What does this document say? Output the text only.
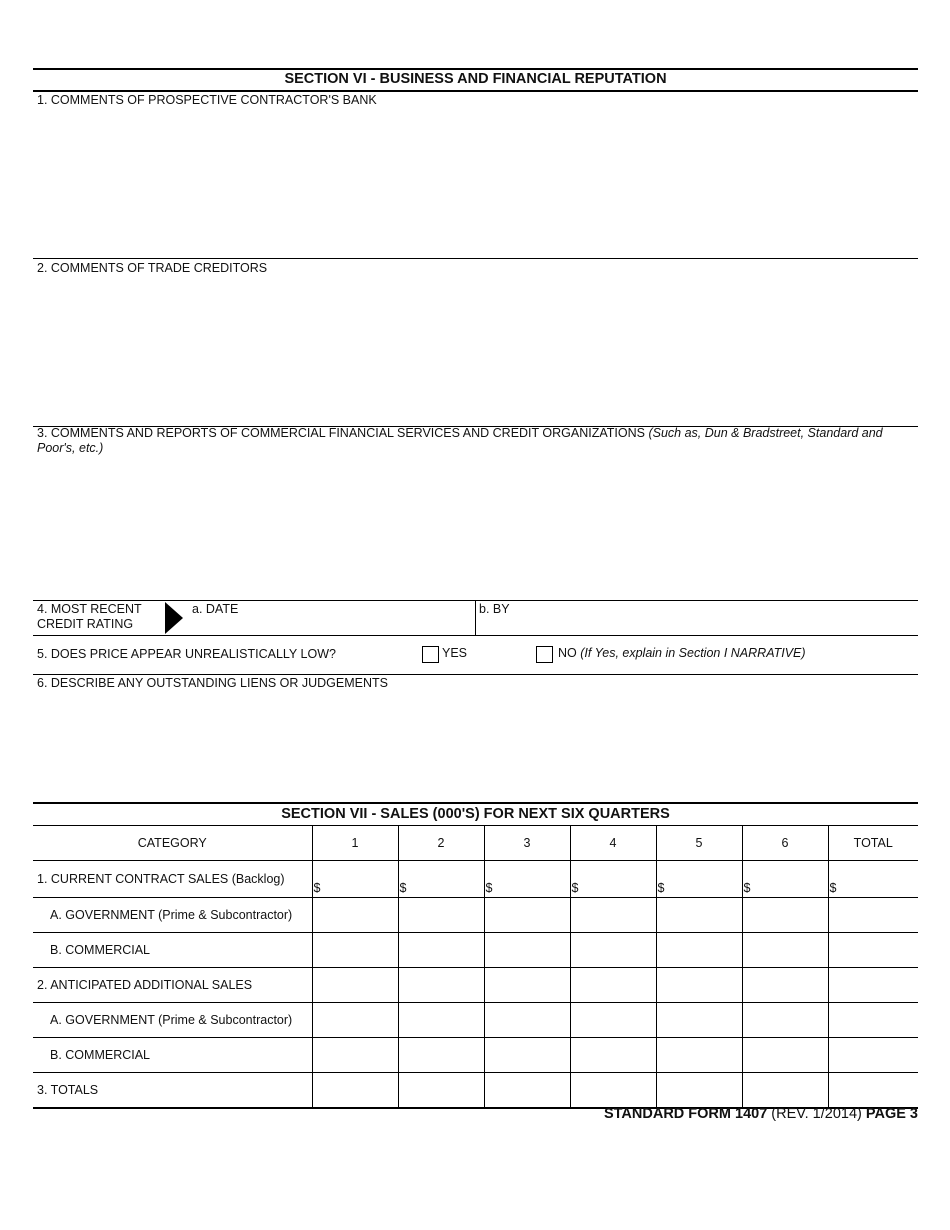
SECTION VI - BUSINESS AND FINANCIAL REPUTATION
1. COMMENTS OF PROSPECTIVE CONTRACTOR'S BANK
2. COMMENTS OF TRADE CREDITORS
3. COMMENTS AND REPORTS OF COMMERCIAL FINANCIAL SERVICES AND CREDIT ORGANIZATIONS (Such as, Dun & Bradstreet, Standard and
Poor's, etc.)
4. MOST RECENT
CREDIT RATING
a. DATE	b. BY
5. DOES PRICE APPEAR UNREALISTICALLY LOW?	YES	NO (If Yes, explain in Section I NARRATIVE)
6. DESCRIBE ANY OUTSTANDING LIENS OR JUDGEMENTS
SECTION VII - SALES (000'S) FOR NEXT SIX QUARTERS
CATEGORY	1	2	3	4	5	6	TOTAL
1. CURRENT CONTRACT SALES (Backlog)	$	$	$	$	$	$	$
A. GOVERNMENT (Prime & Subcontractor)							
B. COMMERCIAL							
2. ANTICIPATED ADDITIONAL SALES							
A. GOVERNMENT (Prime & Subcontractor)							
B. COMMERCIAL							
3. TOTALS							
STANDARD FORM 1407 (REV. 1/2014) PAGE 3
